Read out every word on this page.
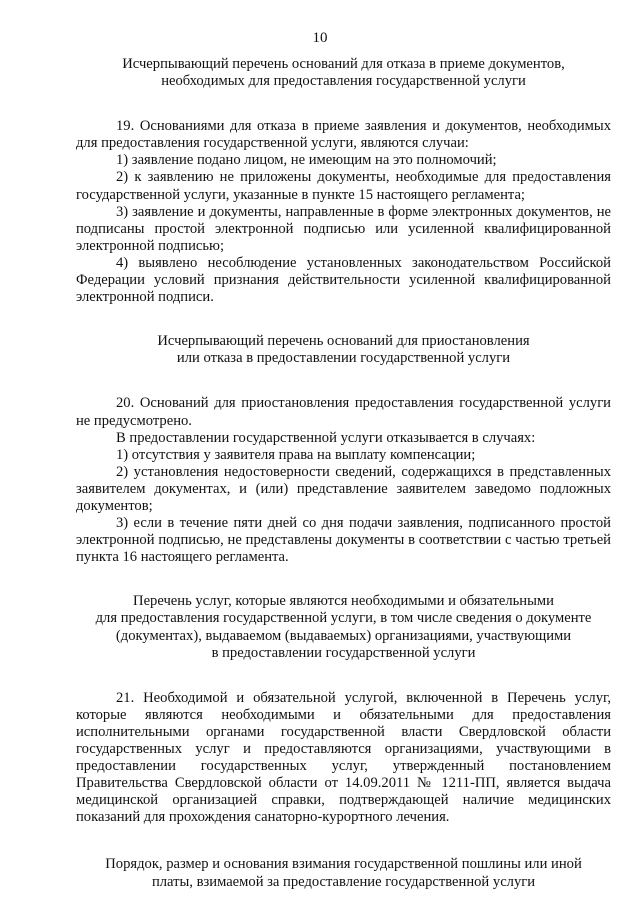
10
Исчерпывающий перечень оснований для отказа в приеме документов,
необходимых для предоставления государственной услуги

19. Основаниями для отказа в приеме заявления и документов, необходимых для предоставления государственной услуги, являются случаи:

1) заявление подано лицом, не имеющим на это полномочий;

2) к заявлению не приложены документы, необходимые для предоставления государственной услуги, указанные в пункте 15 настоящего регламента;

3) заявление и документы, направленные в форме электронных документов, не подписаны простой электронной подписью или усиленной квалифицированной электронной подписью;

4) выявлено несоблюдение установленных законодательством Российской Федерации условий признания действительности усиленной квалифицированной электронной подписи.

Исчерпывающий перечень оснований для приостановления
или отказа в предоставлении государственной услуги

20. Оснований для приостановления предоставления государственной услуги не предусмотрено.

В предоставлении государственной услуги отказывается в случаях:

1) отсутствия у заявителя права на выплату компенсации;

2) установления недостоверности сведений, содержащихся в представленных заявителем документах, и (или) представление заявителем заведомо подложных документов;

3) если в течение пяти дней со дня подачи заявления, подписанного простой электронной подписью, не представлены документы в соответствии с частью третьей пункта 16 настоящего регламента.

Перечень услуг, которые являются необходимыми и обязательными
для предоставления государственной услуги, в том числе сведения о документе
(документах), выдаваемом (выдаваемых) организациями, участвующими
в предоставлении государственной услуги

21. Необходимой и обязательной услугой, включенной в Перечень услуг, которые являются необходимыми и обязательными для предоставления исполнительными органами государственной власти Свердловской области государственных услуг и предоставляются организациями, участвующими в предоставлении государственных услуг, утвержденный постановлением Правительства Свердловской области от 14.09.2011 № 1211-ПП, является выдача медицинской организацией справки, подтверждающей наличие медицинских показаний для прохождения санаторно-курортного лечения.

Порядок, размер и основания взимания государственной пошлины или иной
платы, взимаемой за предоставление государственной услуги
